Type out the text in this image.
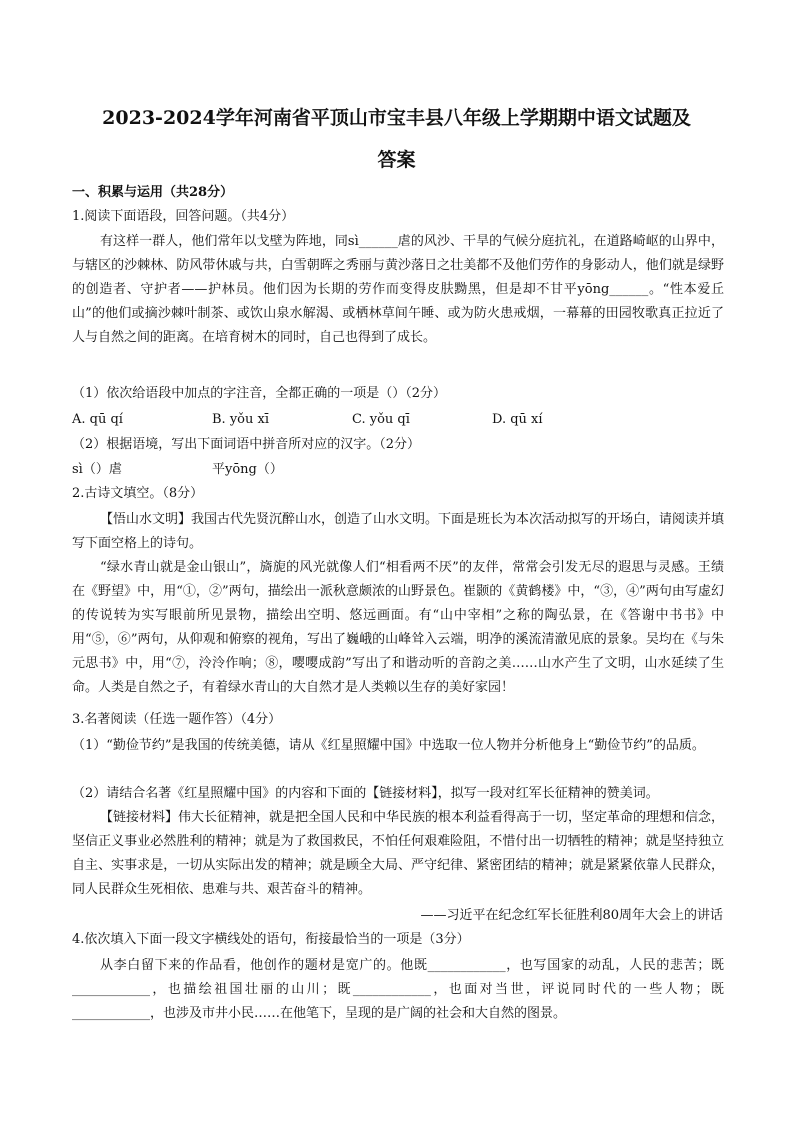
2023-2024学年河南省平顶山市宝丰县八年级上学期期中语文试题及
答案
一、积累与运用（共28分）
1.阅读下面语段，回答问题。（共4分）
有这样一群人，他们常年以戈壁为阵地，同sì______虐的风沙、干旱的气候分庭抗礼，在道路崎岖的山界中，与辖区的沙棘林、防风带休戚与共，白雪朝晖之秀丽与黄沙落日之壮美都不及他们劳作的身影动人，他们就是绿野的创造者、守护者——护林员。他们因为长期的劳作而变得皮肤黝黑，但是却不甘平yōng______。“性本爱丘山”的他们或摘沙棘叶制茶、或饮山泉水解渴、或栖林草间午睡、或为防火患戒烟，一幕幕的田园牧歌真正拉近了人与自然之间的距离。在培育树木的同时，自己也得到了成长。
（1）依次给语段中加点的字注音，全都正确的一项是（）（2分）
A. qū qí	B. yǒu xī	C. yǒu qī	D. qū xí
（2）根据语境，写出下面词语中拼音所对应的汉字。（2分）
sì（）虐	平yōng（）
2.古诗文填空。（8分）
【悟山水文明】我国古代先贤沉醉山水，创造了山水文明。下面是班长为本次活动拟写的开场白，请阅读并填写下面空格上的诗句。
“绿水青山就是金山银山”，旖旎的风光就像人们“相看两不厌”的友伴，常常会引发无尽的遐思与灵感。王绩在《野望》中，用“①，②”两句，描绘出一派秋意颇浓的山野景色。崔颢的《黄鹤楼》中，“③，④”两句由写虚幻的传说转为实写眼前所见景物，描绘出空明、悠远画面。有“山中宰相”之称的陶弘景，在《答谢中书书》中用“⑤，⑥”两句，从仰观和俯察的视角，写出了巍峨的山峰耸入云端，明净的溪流清澈见底的景象。吴均在《与朱元思书》中，用“⑦，泠泠作响；⑧，嘤嘤成韵”写出了和谐动听的音韵之美……山水产生了文明，山水延续了生命。人类是自然之子，有着绿水青山的大自然才是人类赖以生存的美好家园！
3.名著阅读（任选一题作答）（4分）
（1）“勤俭节约”是我国的传统美德，请从《红星照耀中国》中选取一位人物并分析他身上“勤俭节约”的品质。
（2）请结合名著《红星照耀中国》的内容和下面的【链接材料】，拟写一段对红军长征精神的赞美词。
【链接材料】伟大长征精神，就是把全国人民和中华民族的根本利益看得高于一切，坚定革命的理想和信念，坚信正义事业必然胜利的精神；就是为了救国救民，不怕任何艰难险阻，不惜付出一切牺牲的精神；就是坚持独立自主、实事求是，一切从实际出发的精神；就是顾全大局、严守纪律、紧密团结的精神；就是紧紧依靠人民群众，同人民群众生死相依、患难与共、艰苦奋斗的精神。
——习近平在纪念红军长征胜利80周年大会上的讲话
4.依次填入下面一段文字横线处的语句，衔接最恰当的一项是（3分）
从李白留下来的作品看，他创作的题材是宽广的。他既____________，也写国家的动乱，人民的悲苦；既____________，也描绘祖国壮丽的山川；既____________，也面对当世，评说同时代的一些人物；既____________，也涉及市井小民……在他笔下，呈现的是广阔的社会和大自然的图景。
